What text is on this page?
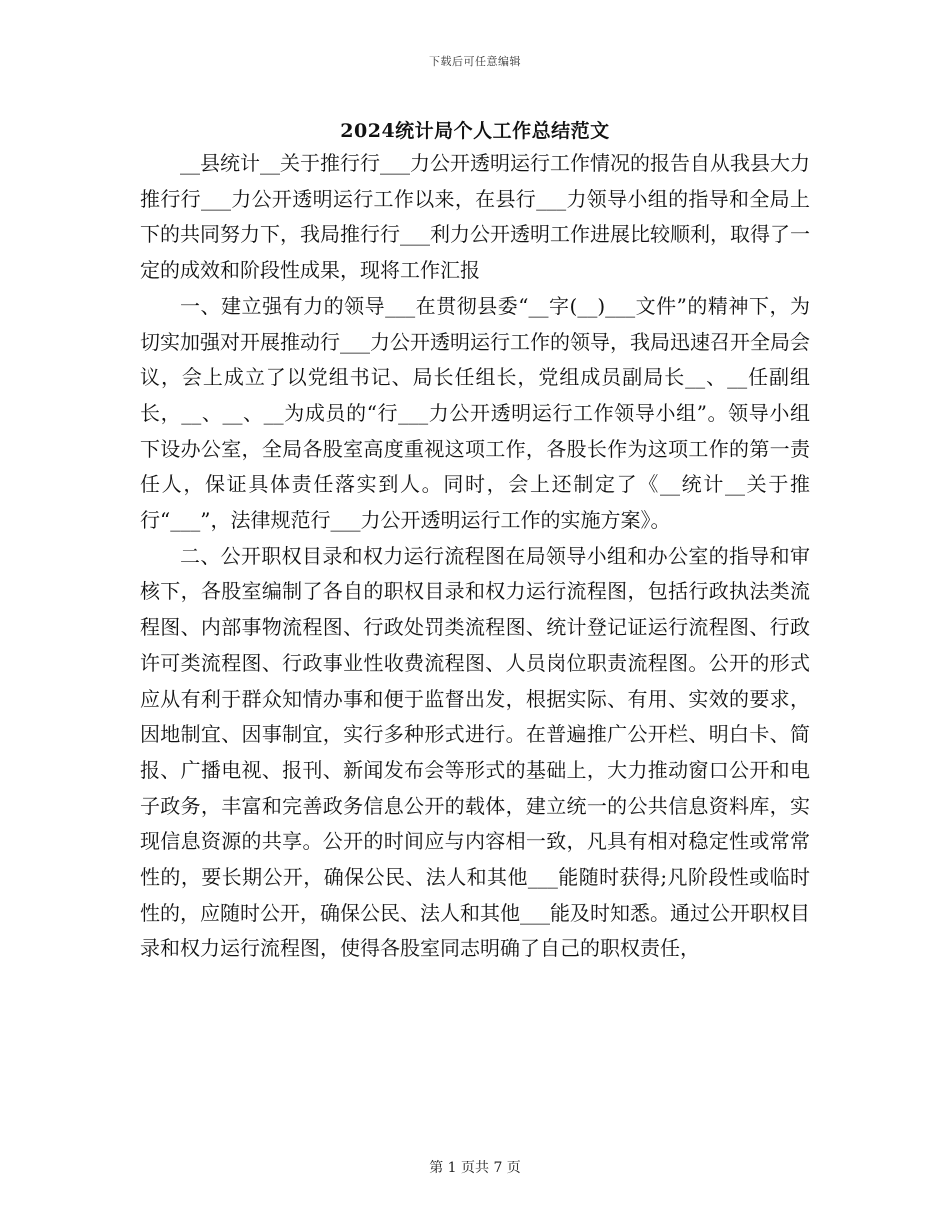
下载后可任意编辑
2024统计局个人工作总结范文

__县统计__关于推行行___力公开透明运行工作情况的报告自从我县大力推行行___力公开透明运行工作以来，在县行___力领导小组的指导和全局上下的共同努力下，我局推行行___利力公开透明工作进展比较顺利，取得了一定的成效和阶段性成果，现将工作汇报

一、建立强有力的领导___在贯彻县委“__字(__)___文件”的精神下，为切实加强对开展推动行___力公开透明运行工作的领导，我局迅速召开全局会议，会上成立了以党组书记、局长任组长，党组成员副局长__、__任副组长，__、__、__为成员的“行___力公开透明运行工作领导小组”。领导小组下设办公室，全局各股室高度重视这项工作，各股长作为这项工作的第一责任人，保证具体责任落实到人。同时，会上还制定了《__统计__关于推行“___”，法律规范行___力公开透明运行工作的实施方案》。

二、公开职权目录和权力运行流程图在局领导小组和办公室的指导和审核下，各股室编制了各自的职权目录和权力运行流程图，包括行政执法类流程图、内部事物流程图、行政处罚类流程图、统计登记证运行流程图、行政许可类流程图、行政事业性收费流程图、人员岗位职责流程图。公开的形式应从有利于群众知情办事和便于监督出发，根据实际、有用、实效的要求，因地制宜、因事制宜，实行多种形式进行。在普遍推广公开栏、明白卡、简报、广播电视、报刊、新闻发布会等形式的基础上，大力推动窗口公开和电子政务，丰富和完善政务信息公开的载体，建立统一的公共信息资料库，实现信息资源的共享。公开的时间应与内容相一致，凡具有相对稳定性或常常性的，要长期公开，确保公民、法人和其他___能随时获得;凡阶段性或临时性的，应随时公开，确保公民、法人和其他___能及时知悉。通过公开职权目录和权力运行流程图，使得各股室同志明确了自己的职权责任，

第 1 页共 7 页
